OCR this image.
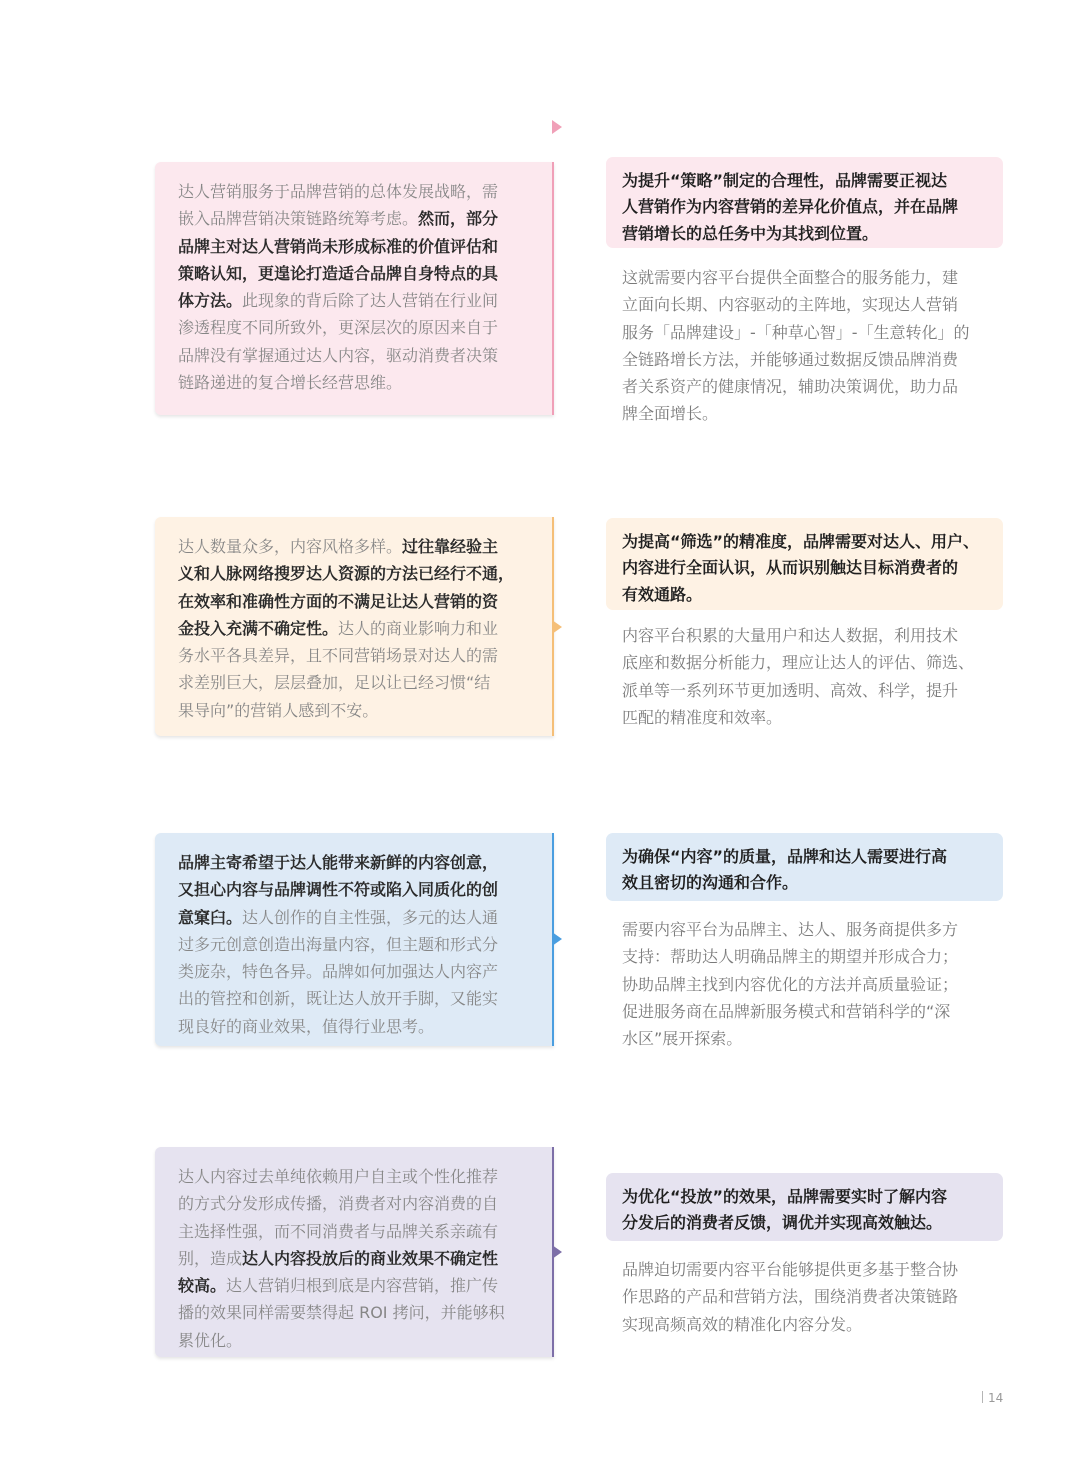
达人营销服务于品牌营销的总体发展战略，需
嵌入品牌营销决策链路统筹考虑。然而，部分
品牌主对达人营销尚未形成标准的价值评估和
策略认知，更遑论打造适合品牌自身特点的具
体方法。此现象的背后除了达人营销在行业间
渗透程度不同所致外，更深层次的原因来自于
品牌没有掌握通过达人内容，驱动消费者决策
链路递进的复合增长经营思维。
为提升“策略”制定的合理性，品牌需要正视达
人营销作为内容营销的差异化价值点，并在品牌
营销增长的总任务中为其找到位置。
这就需要内容平台提供全面整合的服务能力，建
立面向长期、内容驱动的主阵地，实现达人营销
服务「品牌建设」-「种草心智」-「生意转化」的
全链路增长方法，并能够通过数据反馈品牌消费
者关系资产的健康情况，辅助决策调优，助力品
牌全面增长。
达人数量众多，内容风格多样。过往靠经验主
义和人脉网络搜罗达人资源的方法已经行不通，
在效率和准确性方面的不满足让达人营销的资
金投入充满不确定性。达人的商业影响力和业
务水平各具差异，且不同营销场景对达人的需
求差别巨大，层层叠加，足以让已经习惯“结
果导向”的营销人感到不安。
为提高“筛选”的精准度，品牌需要对达人、用户、
内容进行全面认识，从而识别触达目标消费者的
有效通路。
内容平台积累的大量用户和达人数据，利用技术
底座和数据分析能力，理应让达人的评估、筛选、
派单等一系列环节更加透明、高效、科学，提升
匹配的精准度和效率。
品牌主寄希望于达人能带来新鲜的内容创意，
又担心内容与品牌调性不符或陷入同质化的创
意窠臼。达人创作的自主性强，多元的达人通
过多元创意创造出海量内容，但主题和形式分
类庞杂，特色各异。品牌如何加强达人内容产
出的管控和创新，既让达人放开手脚，又能实
现良好的商业效果，值得行业思考。
为确保“内容”的质量，品牌和达人需要进行高
效且密切的沟通和合作。
需要内容平台为品牌主、达人、服务商提供多方
支持：帮助达人明确品牌主的期望并形成合力；
协助品牌主找到内容优化的方法并高质量验证；
促进服务商在品牌新服务模式和营销科学的“深
水区”展开探索。
达人内容过去单纯依赖用户自主或个性化推荐
的方式分发形成传播，消费者对内容消费的自
主选择性强，而不同消费者与品牌关系亲疏有
别，造成达人内容投放后的商业效果不确定性
较高。达人营销归根到底是内容营销，推广传
播的效果同样需要禁得起 ROI 拷问，并能够积
累优化。
为优化“投放”的效果，品牌需要实时了解内容
分发后的消费者反馈，调优并实现高效触达。
品牌迫切需要内容平台能够提供更多基于整合协
作思路的产品和营销方法，围绕消费者决策链路
实现高频高效的精准化内容分发。
14
